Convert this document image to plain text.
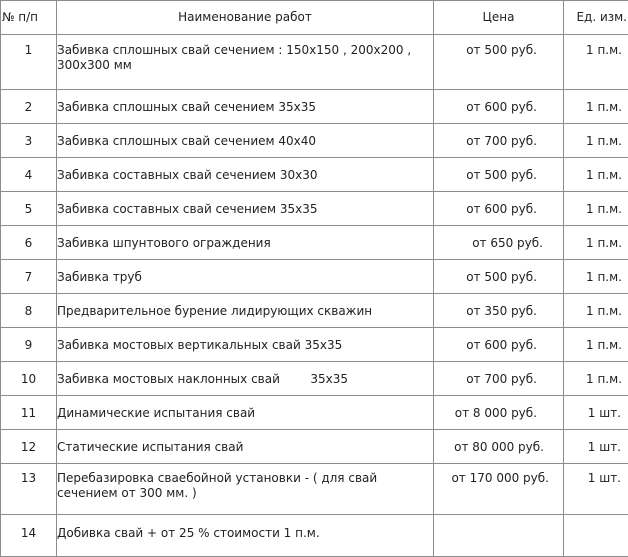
№ п/п	Наименование работ	Цена	Ед. изм.
1	Забивка сплошных свай сечением : 150х150 , 200х200 , 300х300 мм	от 500 руб.	1 п.м.
2	Забивка сплошных свай сечением 35х35	от 600 руб.	1 п.м.
3	Забивка сплошных свай сечением 40х40	от 700 руб.	1 п.м.
4	Забивка составных свай сечением 30х30	от 500 руб.	1 п.м.
5	Забивка составных свай сечением 35х35	от 600 руб.	1 п.м.
6	Забивка шпунтового ограждения	от 650 руб.	1 п.м.
7	Забивка труб	от 500 руб.	1 п.м.
8	Предварительное бурение лидирующих скважин	от 350 руб.	1 п.м.
9	Забивка мостовых вертикальных свай 35х35	от 600 руб.	1 п.м.
10	Забивка мостовых наклонных свай        35х35	от 700 руб.	1 п.м.
11	Динамические испытания свай	от 8 000 руб.	1 шт.
12	Статические испытания свай	от 80 000 руб.	1 шт.
13	Перебазировка сваебойной установки - ( для свай сечением от 300 мм. )	от 170 000 руб.	1 шт.
14	Добивка свай + от 25 % стоимости 1 п.м.		
